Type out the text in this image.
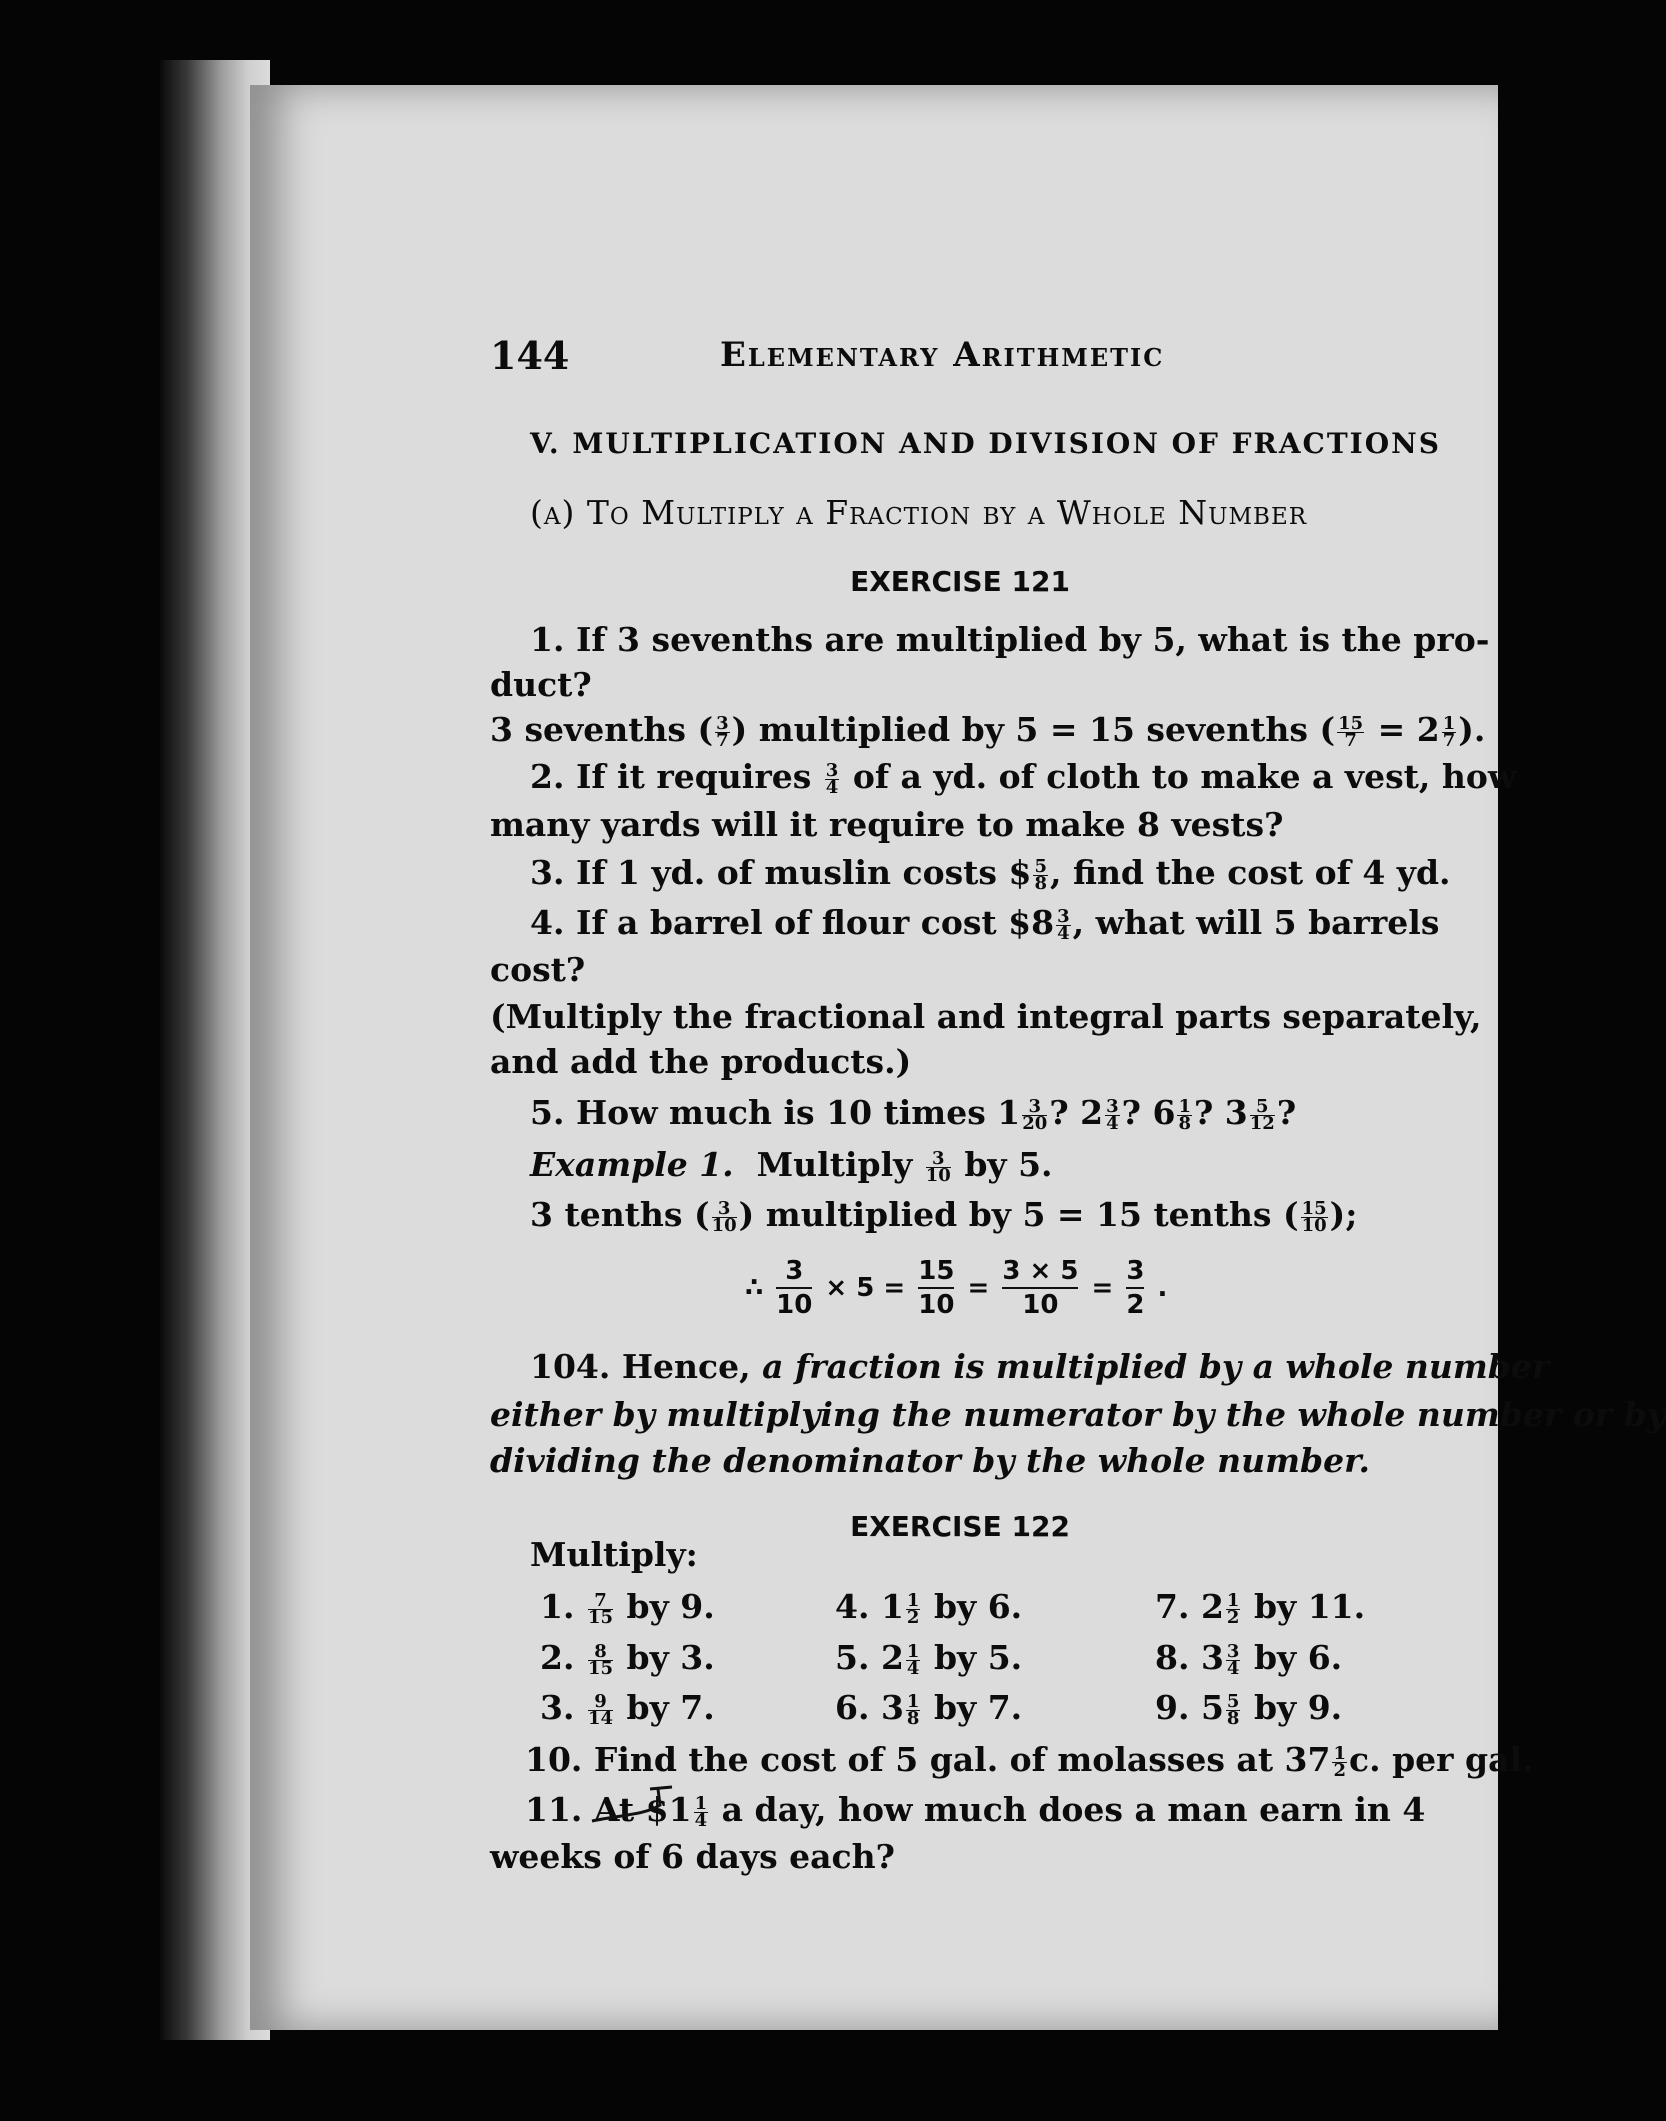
144	Elementary Arithmetic
V. MULTIPLICATION AND DIVISION OF FRACTIONS
(a) To Multiply a Fraction by a Whole Number
EXERCISE 121
1. If 3 sevenths are multiplied by 5, what is the pro-
duct?
3 sevenths ( $\frac{3}{7}$ ) multiplied by 5 = 15 sevenths ( $\frac{15}{7} = 2 \frac{1}{7}$ ).
2. If it requires $\frac{3}{4}$ of a yd. of cloth to make a vest, how
many yards will it require to make 8 vests?
3. If 1 yd. of muslin costs $ $\frac{5}{8}$ , find the cost of 4 yd.
4. If a barrel of flour cost $8 $\frac{3}{4}$ , what will 5 barrels
cost?
(Multiply the fractional and integral parts separately,
and add the products.)
5. How much is 10 times $1 \frac{3}{20}$ ? $2 \frac{3}{4}$ ? $6 \frac{1}{8}$ ? $3 \frac{5}{12}$ ?
Example 1. Multiply $\frac{3}{10}$ by 5.
3 tenths ( $\frac{3}{10}$ ) multiplied by 5 = 15 tenths ( $\frac{15}{10}$ );
∴ $\frac{3}{10} \times 5 = \frac{15}{10} = \frac{3 \times 5}{10} = \frac{3}{2}$ .
104. Hence, a fraction is multiplied by a whole number
either by multiplying the numerator by the whole number or by
dividing the denominator by the whole number.
EXERCISE 122
Multiply:
1. $\frac{7}{15}$ by 9.
2. $\frac{8}{15}$ by 3.
3. $\frac{9}{14}$ by 7.
4. $1 \frac{1}{2}$ by 6.
5. $2 \frac{1}{4}$ by 5.
6. $3 \frac{1}{8}$ by 7.
7. $2 \frac{1}{2}$ by 11.
8. $3 \frac{3}{4}$ by 6.
9. $5 \frac{5}{8}$ by 9.
10. Find the cost of 5 gal. of molasses at $37 \frac{1}{2} c$. per gal.
11. At $1 $\frac{1}{4}$ a day, how much does a man earn in 4
weeks of 6 days each?
